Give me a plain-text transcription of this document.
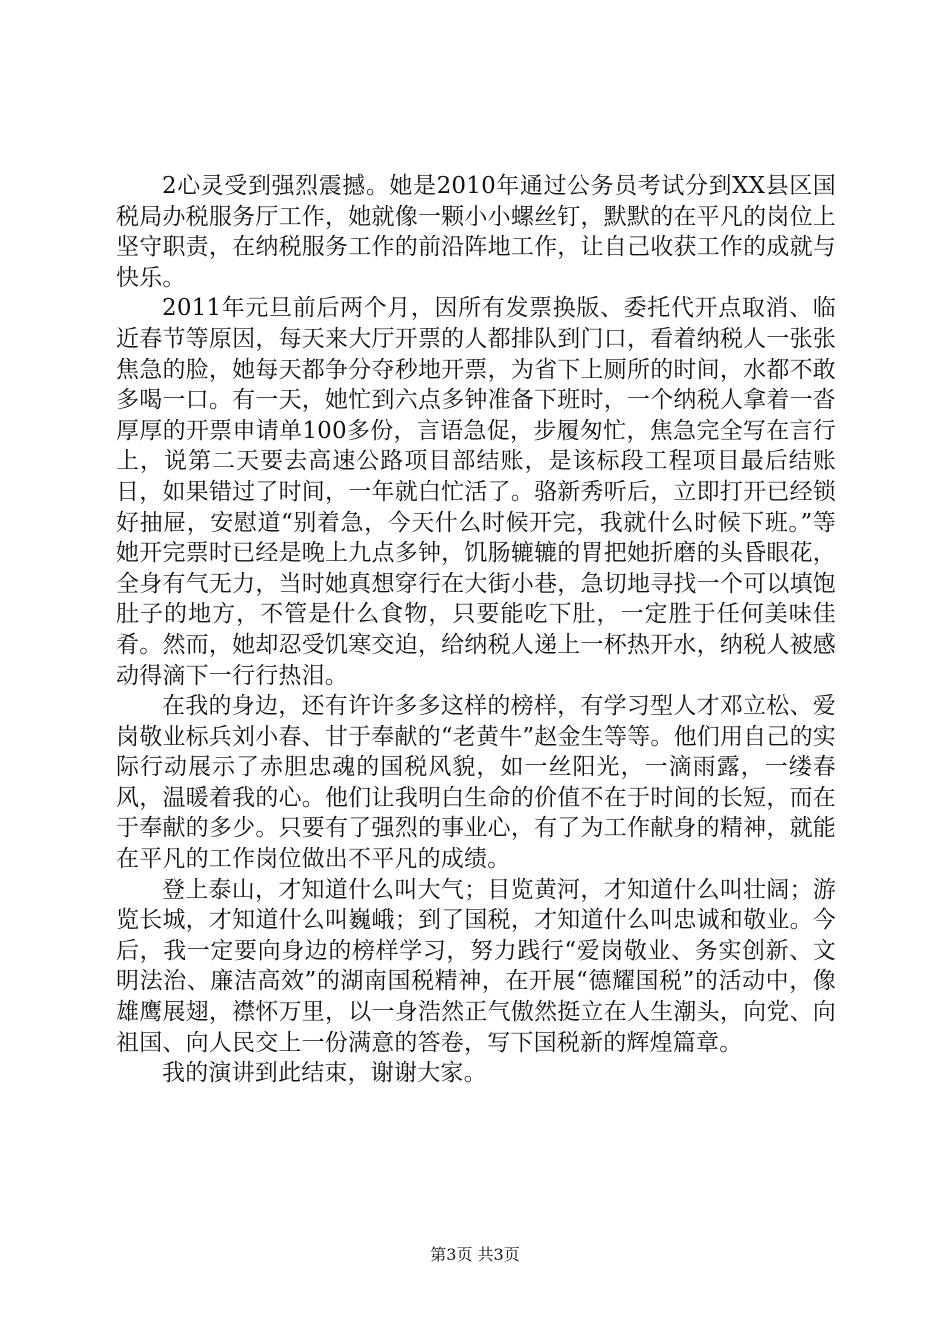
2心灵受到强烈震撼。她是2010年通过公务员考试分到XX县区国税局办税服务厅工作，她就像一颗小小螺丝钉，默默的在平凡的岗位上坚守职责，在纳税服务工作的前沿阵地工作，让自己收获工作的成就与快乐。

2011年元旦前后两个月，因所有发票换版、委托代开点取消、临近春节等原因，每天来大厅开票的人都排队到门口，看着纳税人一张张焦急的脸，她每天都争分夺秒地开票，为省下上厕所的时间，水都不敢多喝一口。有一天，她忙到六点多钟准备下班时，一个纳税人拿着一沓厚厚的开票申请单100多份，言语急促，步履匆忙，焦急完全写在言行上，说第二天要去高速公路项目部结账，是该标段工程项目最后结账日，如果错过了时间，一年就白忙活了。骆新秀听后，立即打开已经锁好抽屉，安慰道“别着急，今天什么时候开完，我就什么时候下班。”等她开完票时已经是晚上九点多钟，饥肠辘辘的胃把她折磨的头昏眼花，全身有气无力，当时她真想穿行在大街小巷，急切地寻找一个可以填饱肚子的地方，不管是什么食物，只要能吃下肚，一定胜于任何美味佳肴。然而，她却忍受饥寒交迫，给纳税人递上一杯热开水，纳税人被感动得滴下一行行热泪。

在我的身边，还有许许多多这样的榜样，有学习型人才邓立松、爱岗敬业标兵刘小春、甘于奉献的“老黄牛”赵金生等等。他们用自己的实际行动展示了赤胆忠魂的国税风貌，如一丝阳光，一滴雨露，一缕春风，温暖着我的心。他们让我明白生命的价值不在于时间的长短，而在于奉献的多少。只要有了强烈的事业心，有了为工作献身的精神，就能在平凡的工作岗位做出不平凡的成绩。

登上泰山，才知道什么叫大气；目览黄河，才知道什么叫壮阔；游览长城，才知道什么叫巍峨；到了国税，才知道什么叫忠诚和敬业。今后，我一定要向身边的榜样学习，努力践行“爱岗敬业、务实创新、文明法治、廉洁高效”的湖南国税精神，在开展“德耀国税”的活动中，像雄鹰展翅，襟怀万里，以一身浩然正气傲然挺立在人生潮头，向党、向祖国、向人民交上一份满意的答卷，写下国税新的辉煌篇章。

我的演讲到此结束，谢谢大家。

第3页 共3页
